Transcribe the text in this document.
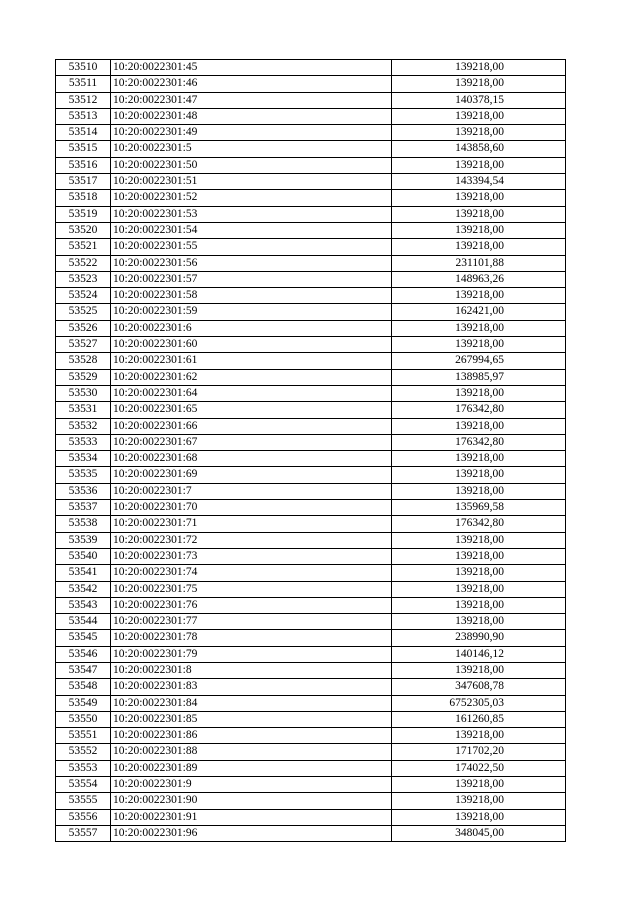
53510	10:20:0022301:45	139218,00
53511	10:20:0022301:46	139218,00
53512	10:20:0022301:47	140378,15
53513	10:20:0022301:48	139218,00
53514	10:20:0022301:49	139218,00
53515	10:20:0022301:5	143858,60
53516	10:20:0022301:50	139218,00
53517	10:20:0022301:51	143394,54
53518	10:20:0022301:52	139218,00
53519	10:20:0022301:53	139218,00
53520	10:20:0022301:54	139218,00
53521	10:20:0022301:55	139218,00
53522	10:20:0022301:56	231101,88
53523	10:20:0022301:57	148963,26
53524	10:20:0022301:58	139218,00
53525	10:20:0022301:59	162421,00
53526	10:20:0022301:6	139218,00
53527	10:20:0022301:60	139218,00
53528	10:20:0022301:61	267994,65
53529	10:20:0022301:62	138985,97
53530	10:20:0022301:64	139218,00
53531	10:20:0022301:65	176342,80
53532	10:20:0022301:66	139218,00
53533	10:20:0022301:67	176342,80
53534	10:20:0022301:68	139218,00
53535	10:20:0022301:69	139218,00
53536	10:20:0022301:7	139218,00
53537	10:20:0022301:70	135969,58
53538	10:20:0022301:71	176342,80
53539	10:20:0022301:72	139218,00
53540	10:20:0022301:73	139218,00
53541	10:20:0022301:74	139218,00
53542	10:20:0022301:75	139218,00
53543	10:20:0022301:76	139218,00
53544	10:20:0022301:77	139218,00
53545	10:20:0022301:78	238990,90
53546	10:20:0022301:79	140146,12
53547	10:20:0022301:8	139218,00
53548	10:20:0022301:83	347608,78
53549	10:20:0022301:84	6752305,03
53550	10:20:0022301:85	161260,85
53551	10:20:0022301:86	139218,00
53552	10:20:0022301:88	171702,20
53553	10:20:0022301:89	174022,50
53554	10:20:0022301:9	139218,00
53555	10:20:0022301:90	139218,00
53556	10:20:0022301:91	139218,00
53557	10:20:0022301:96	348045,00
